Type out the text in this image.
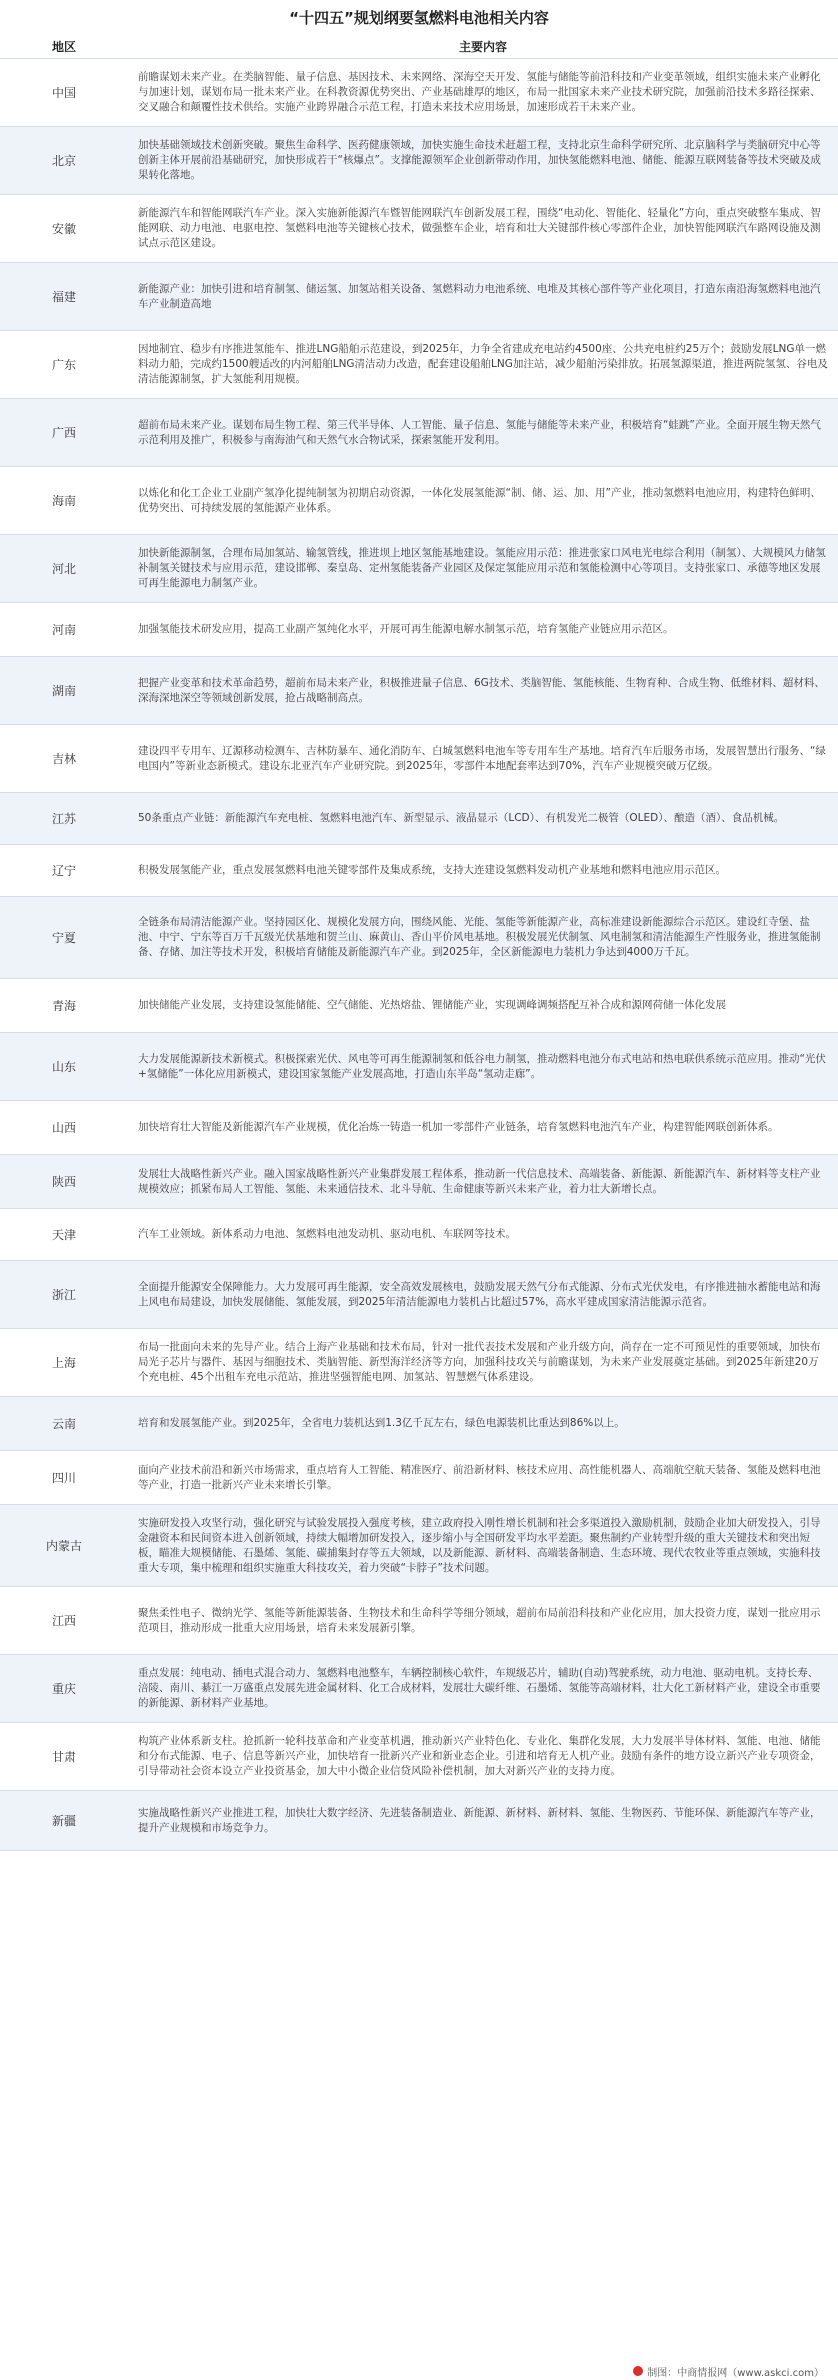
“十四五”规划纲要氢燃料电池相关内容
地区	主要内容
中国	前瞻谋划未来产业。在类脑智能、量子信息、基因技术、未来网络、深海空天开发、氢能与储能等前沿科技和产业变革领域，组织实施未来产业孵化与加速计划，谋划布局一批未来产业。在科教资源优势突出、产业基础雄厚的地区，布局一批国家未来产业技术研究院，加强前沿技术多路径探索、交叉融合和颠覆性技术供给。实施产业跨界融合示范工程，打造未来技术应用场景，加速形成若干未来产业。

北京	加快基础领域技术创新突破。聚焦生命科学、医药健康领域，加快实施生命技术赶超工程，支持北京生命科学研究所、北京脑科学与类脑研究中心等创新主体开展前沿基础研究，加快形成若干“核爆点”。支撑能源领军企业创新带动作用，加快氢能燃料电池、储能、能源互联网装备等技术突破及成果转化落地。

安徽	新能源汽车和智能网联汽车产业。深入实施新能源汽车暨智能网联汽车创新发展工程，围绕“电动化、智能化、轻量化”方向，重点突破整车集成、智能网联、动力电池、电驱电控、氢燃料电池等关键核心技术，做强整车企业，培育和壮大关键部件核心零部件企业，加快智能网联汽车路网设施及测试点示范区建设。

福建	新能源产业：加快引进和培育制氢、储运氢、加氢站相关设备、氢燃料动力电池系统、电堆及其核心部件等产业化项目，打造东南沿海氢燃料电池汽车产业制造高地

广东	因地制宜、稳步有序推进氢能车、推进LNG船舶示范建设，到2025年，力争全省建成充电站约4500座、公共充电桩约25万个；鼓励发展LNG单一燃料动力船，完成约1500艘适改的内河船舶LNG清洁动力改造，配套建设船舶LNG加注站，减少船舶污染排放。拓展氢源渠道，推进两院氢氢、谷电及清洁能源制氢，扩大氢能利用规模。

广西	超前布局未来产业。谋划布局生物工程、第三代半导体、人工智能、量子信息、氢能与储能等未来产业，积极培育“蛙跳”产业。全面开展生物天然气示范利用及推广，积极参与南海油气和天然气水合物试采，探索氢能开发利用。

海南	以炼化和化工企业工业副产氢净化提纯制氢为初期启动资源，一体化发展氢能源“制、储、运、加、用”产业，推动氢燃料电池应用，构建特色鲜明、优势突出、可持续发展的氢能源产业体系。

河北	加快新能源制氢，合理布局加氢站、输氢管线，推进坝上地区氢能基地建设。氢能应用示范：推进张家口风电光电综合利用（制氢）、大规模风力储氢补制氢关键技术与应用示范，建设邯郸、秦皇岛、定州氢能装备产业园区及保定氢能应用示范和氢能检测中心等项目。支持张家口、承德等地区发展可再生能源电力制氢产业。

河南	加强氢能技术研发应用，提高工业副产氢纯化水平，开展可再生能源电解水制氢示范，培育氢能产业链应用示范区。

湖南	把握产业变革和技术革命趋势，超前布局未来产业，积极推进量子信息、6G技术、类脑智能、氢能核能、生物育种、合成生物、低维材料、超材料、深海深地深空等领域创新发展，抢占战略制高点。

吉林	建设四平专用车、辽源移动检测车、吉林防暴车、通化消防车、白城氢燃料电池车等专用车生产基地。培育汽车后服务市场，发展智慧出行服务、“绿电国内”等新业态新模式。建设东北亚汽车产业研究院。到2025年，零部件本地配套率达到70%，汽车产业规模突破万亿级。

江苏	50条重点产业链：新能源汽车充电桩、氢燃料电池汽车、新型显示、液晶显示（LCD）、有机发光二极管（OLED）、酿造（酒）、食品机械。

辽宁	积极发展氢能产业，重点发展氢燃料电池关键零部件及集成系统，支持大连建设氢燃料发动机产业基地和燃料电池应用示范区。

宁夏	全链条布局清洁能源产业。坚持园区化、规模化发展方向，围绕风能、光能、氢能等新能源产业，高标准建设新能源综合示范区。建设红寺堡、盐池、中宁、宁东等百万千瓦级光伏基地和贺兰山、麻黄山、香山平价风电基地。积极发展光伏制氢、风电制氢和清洁能源生产性服务业，推进氢能制备、存储、加注等技术开发，积极培育储能及新能源汽车产业。到2025年，全区新能源电力装机力争达到4000万千瓦。

青海	加快储能产业发展，支持建设氢能储能、空气储能、光热熔盐、锂储能产业，实现调峰调频搭配互补合成和源网荷储一体化发展

山东	大力发展能源新技术新模式。积极探索光伏、风电等可再生能源制氢和低谷电力制氢，推动燃料电池分布式电站和热电联供系统示范应用。推动“光伏+氢储能”一体化应用新模式，建设国家氢能产业发展高地，打造山东半岛“氢动走廊”。

山西	加快培育壮大智能及新能源汽车产业规模，优化冶炼一铸造一机加一零部件产业链条，培育氢燃料电池汽车产业，构建智能网联创新体系。

陕西	发展壮大战略性新兴产业。融入国家战略性新兴产业集群发展工程体系，推动新一代信息技术、高端装备、新能源、新能源汽车、新材料等支柱产业规模效应；抓紧布局人工智能、氢能、未来通信技术、北斗导航、生命健康等新兴未来产业，着力壮大新增长点。

天津	汽车工业领域。新体系动力电池、氢燃料电池发动机、驱动电机、车联网等技术。

浙江	全面提升能源安全保障能力。大力发展可再生能源，安全高效发展核电，鼓励发展天然气分布式能源、分布式光伏发电，有序推进抽水蓄能电站和海上风电布局建设，加快发展储能、氢能发展，到2025年清洁能源电力装机占比超过57%，高水平建成国家清洁能源示范省。

上海	布局一批面向未来的先导产业。结合上海产业基础和技术布局，针对一批代表技术发展和产业升级方向，尚存在一定不可预见性的重要领域，加快布局光子芯片与器件、基因与细胞技术、类脑智能、新型海洋经济等方向，加强科技攻关与前瞻谋划，为未来产业发展奠定基础。到2025年新建20万个充电桩、45个出租车充电示范站，推进坚强智能电网、加氢站、智慧燃气体系建设。

云南	培育和发展氢能产业。到2025年，全省电力装机达到1.3亿千瓦左右，绿色电源装机比重达到86%以上。

四川	面向产业技术前沿和新兴市场需求，重点培育人工智能、精准医疗、前沿新材料、核技术应用、高性能机器人、高端航空航天装备、氢能及燃料电池等产业，打造一批新兴产业未来增长引擎。

内蒙古	实施研发投入攻坚行动，强化研究与试验发展投入强度考核，建立政府投入刚性增长机制和社会多渠道投入激励机制，鼓励企业加大研发投入，引导金融资本和民间资本进入创新领域，持续大幅增加研发投入，逐步缩小与全国研发平均水平差距。聚焦制约产业转型升级的重大关键技术和突出短板，瞄准大规模储能、石墨烯、氢能、碳捕集封存等五大领域，以及新能源、新材料、高端装备制造、生态环境、现代农牧业等重点领域，实施科技重大专项，集中梳理和组织实施重大科技攻关，着力突破“卡脖子”技术问题。

江西	聚焦柔性电子、微纳光学、氢能等新能源装备、生物技术和生命科学等细分领域，超前布局前沿科技和产业化应用，加大投资力度，谋划一批应用示范项目，推动形成一批重大应用场景，培育未来发展新引擎。

重庆	重点发展：纯电动、插电式混合动力、氢燃料电池整车，车辆控制核心软件，车规级芯片，辅助(自动)驾驶系统，动力电池、驱动电机。支持长寿、涪陵、南川、綦江一万盛重点发展先进金属材料、化工合成材料，发展壮大碳纤维、石墨烯、氢能等高端材料，壮大化工新材料产业，建设全市重要的新能源、新材料产业基地。

甘肃	构筑产业体系新支柱。抢抓新一轮科技革命和产业变革机遇，推动新兴产业特色化、专业化、集群化发展，大力发展半导体材料、氢能、电池、储能和分布式能源、电子、信息等新兴产业，加快培育一批新兴产业和新业态企业。引进和培育无人机产业。鼓励有条件的地方设立新兴产业专项资金，引导带动社会资本设立产业投资基金，加大中小微企业信贷风险补偿机制，加大对新兴产业的支持力度。

新疆	实施战略性新兴产业推进工程，加快壮大数字经济、先进装备制造业、新能源、新材料、新材料、氢能、生物医药、节能环保、新能源汽车等产业，提升产业规模和市场竞争力。
制图：中商情报网（www.askci.com）
